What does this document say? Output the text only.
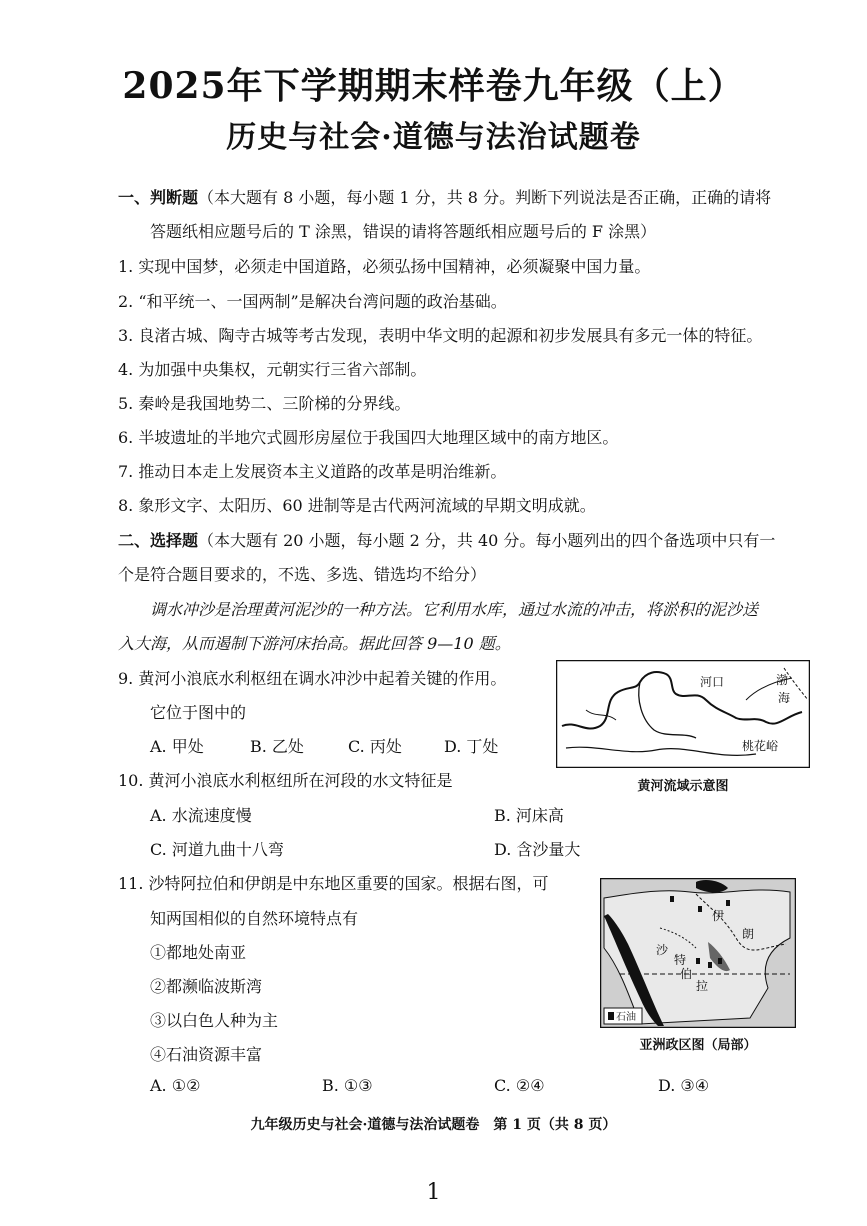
2025年下学期期末样卷九年级（上）
历史与社会·道德与法治试题卷
一、判断题（本大题有 8 小题，每小题 1 分，共 8 分。判断下列说法是否正确，正确的请将
答题纸相应题号后的 T 涂黑，错误的请将答题纸相应题号后的 F 涂黑）
1. 实现中国梦，必须走中国道路，必须弘扬中国精神，必须凝聚中国力量。
2. “和平统一、一国两制”是解决台湾问题的政治基础。
3. 良渚古城、陶寺古城等考古发现，表明中华文明的起源和初步发展具有多元一体的特征。
4. 为加强中央集权，元朝实行三省六部制。
5. 秦岭是我国地势二、三阶梯的分界线。
6. 半坡遗址的半地穴式圆形房屋位于我国四大地理区域中的南方地区。
7. 推动日本走上发展资本主义道路的改革是明治维新。
8. 象形文字、太阳历、60 进制等是古代两河流域的早期文明成就。
二、选择题（本大题有 20 小题，每小题 2 分，共 40 分。每小题列出的四个备选项中只有一
个是符合题目要求的，不选、多选、错选均不给分）
调水冲沙是治理黄河泥沙的一种方法。它利用水库，通过水流的冲击，将淤积的泥沙送
入大海，从而遏制下游河床抬高。据此回答 9—10 题。
9. 黄河小浪底水利枢纽在调水冲沙中起着关键的作用。
它位于图中的
A. 甲处	B. 乙处	C. 丙处	D. 丁处
河口	渤
海
桃花峪
黄河流域示意图
10. 黄河小浪底水利枢纽所在河段的水文特征是
A. 水流速度慢	B. 河床高
C. 河道九曲十八弯	D. 含沙量大
11. 沙特阿拉伯和伊朗是中东地区重要的国家。根据右图，可
知两国相似的自然环境特点有
①都地处南亚
②都濒临波斯湾
③以白色人种为主
④石油资源丰富
A. ①②	B. ①③	C. ②④	D. ③④
伊
朗
沙
特
拉
伯
石油
亚洲政区图（局部）
九年级历史与社会·道德与法治试题卷　第 1 页（共 8 页）
1
